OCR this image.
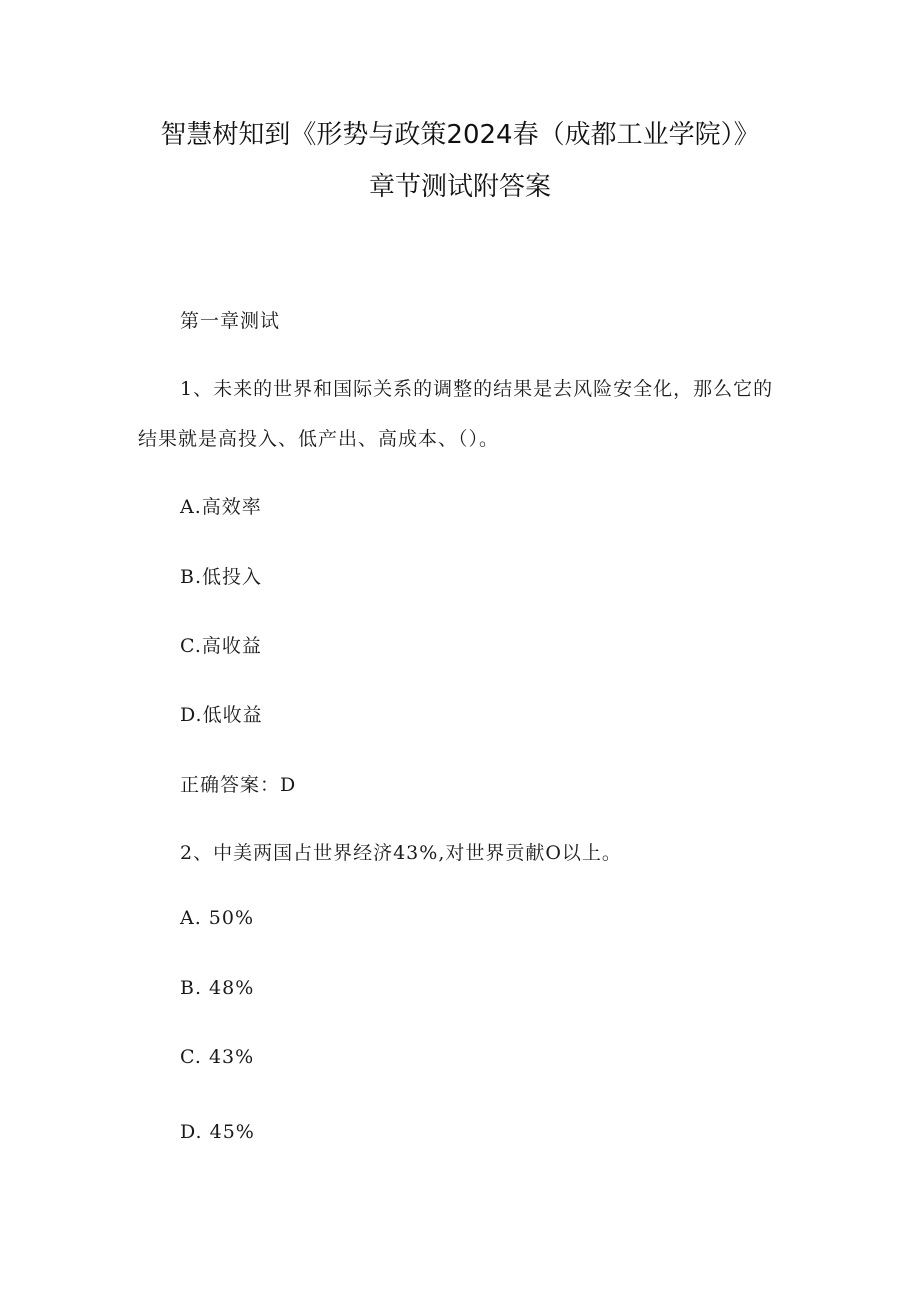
智慧树知到《形势与政策2024春（成都工业学院）》
章节测试附答案
第一章测试
1、未来的世界和国际关系的调整的结果是去风险安全化，那么它的
结果就是高投入、低产出、高成本、（）。
A.高效率
B.低投入
C.高收益
D.低收益
正确答案：D
2、中美两国占世界经济43%,对世界贡献O以上。
A. 50%
B. 48%
C. 43%
D. 45%
